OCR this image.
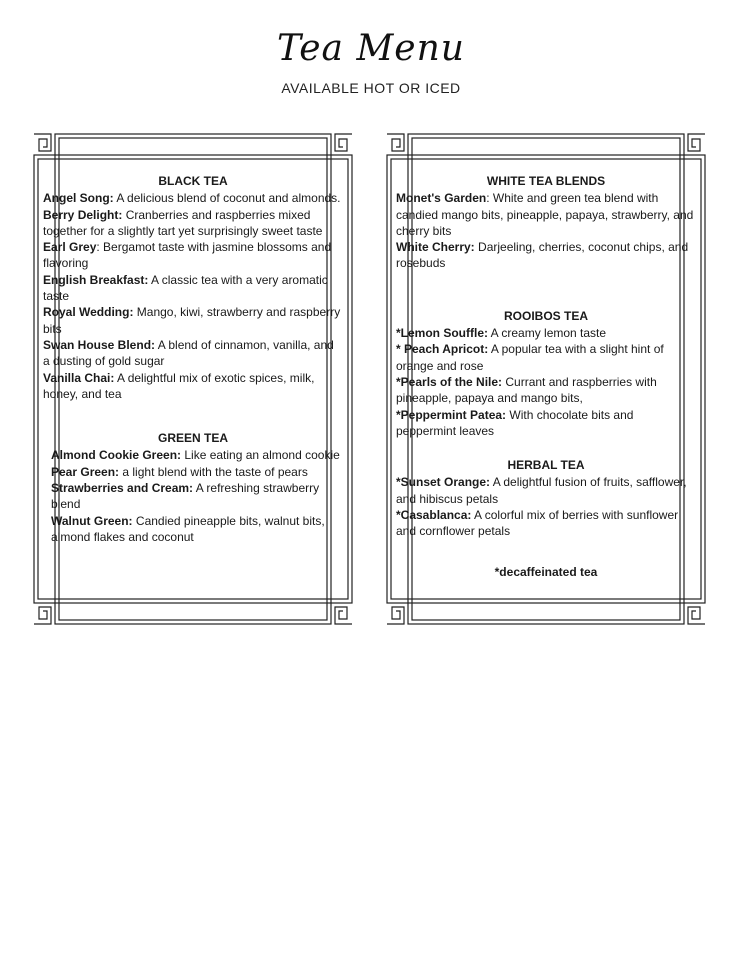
Tea Menu
AVAILABLE HOT OR ICED
BLACK TEA

Angel Song: A delicious blend of coconut and almonds.

Berry Delight: Cranberries and raspberries mixed together for a slightly tart yet surprisingly sweet taste

Earl Grey: Bergamot taste with jasmine blossoms and flavoring

English Breakfast: A classic tea with a very aromatic taste

Royal Wedding: Mango, kiwi, strawberry and raspberry bits

Swan House Blend: A blend of cinnamon, vanilla, and a dusting of gold sugar

Vanilla Chai: A delightful mix of exotic spices, milk, honey, and tea

GREEN TEA

Almond Cookie Green: Like eating an almond cookie

Pear Green: a light blend with the taste of pears

Strawberries and Cream: A refreshing strawberry blend

Walnut Green: Candied pineapple bits, walnut bits, almond flakes and coconut

WHITE TEA BLENDS

Monet's Garden: White and green tea blend with candied mango bits, pineapple, papaya, strawberry, and cherry bits

White Cherry: Darjeeling, cherries, coconut chips, and rosebuds

ROOIBOS TEA

*Lemon Souffle: A creamy lemon taste

* Peach Apricot: A popular tea with a slight hint of orange and rose

*Pearls of the Nile: Currant and raspberries with pineapple, papaya and mango bits,

*Peppermint Patea: With chocolate bits and peppermint leaves

HERBAL TEA

*Sunset Orange: A delightful fusion of fruits, safflower, and hibiscus petals

*Casablanca: A colorful mix of berries with sunflower and cornflower petals

*decaffeinated tea
